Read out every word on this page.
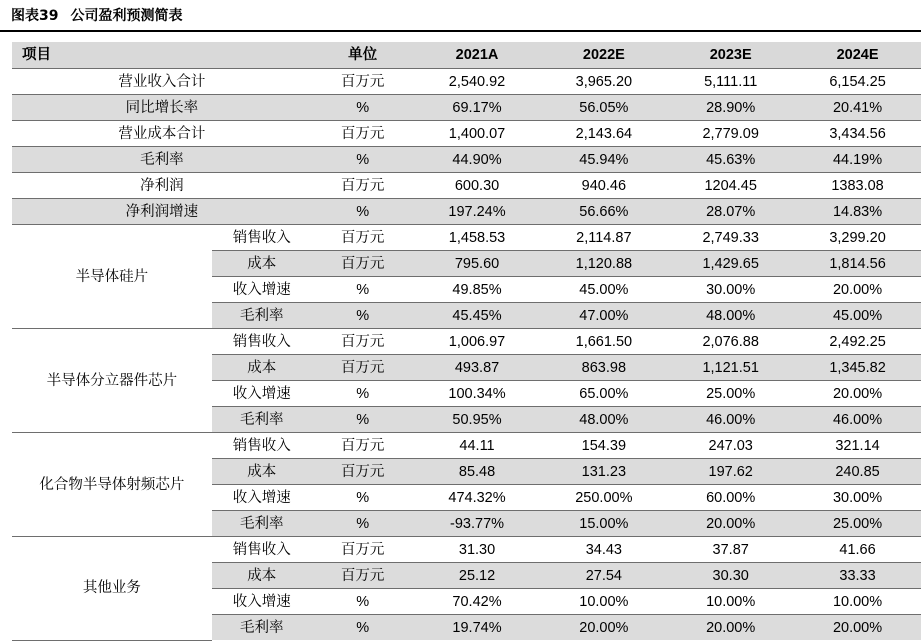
图表39 公司盈利预测简表
项目		单位	2021A	2022E	2023E	2024E
营业收入合计		百万元	2,540.92	3,965.20	5,111.11	6,154.25
同比增长率		%	69.17%	56.05%	28.90%	20.41%
营业成本合计		百万元	1,400.07	2,143.64	2,779.09	3,434.56
毛利率		%	44.90%	45.94%	45.63%	44.19%
净利润		百万元	600.30	940.46	1204.45	1383.08
净利润增速		%	197.24%	56.66%	28.07%	14.83%
半导体硅片	销售收入	百万元	1,458.53	2,114.87	2,749.33	3,299.20
	成本	百万元	795.60	1,120.88	1,429.65	1,814.56
	收入增速	%	49.85%	45.00%	30.00%	20.00%
	毛利率	%	45.45%	47.00%	48.00%	45.00%
半导体分立器件芯片	销售收入	百万元	1,006.97	1,661.50	2,076.88	2,492.25
	成本	百万元	493.87	863.98	1,121.51	1,345.82
	收入增速	%	100.34%	65.00%	25.00%	20.00%
	毛利率	%	50.95%	48.00%	46.00%	46.00%
化合物半导体射频芯片	销售收入	百万元	44.11	154.39	247.03	321.14
	成本	百万元	85.48	131.23	197.62	240.85
	收入增速	%	474.32%	250.00%	60.00%	30.00%
	毛利率	%	-93.77%	15.00%	20.00%	25.00%
其他业务	销售收入	百万元	31.30	34.43	37.87	41.66
	成本	百万元	25.12	27.54	30.30	33.33
	收入增速	%	70.42%	10.00%	10.00%	10.00%
	毛利率	%	19.74%	20.00%	20.00%	20.00%
